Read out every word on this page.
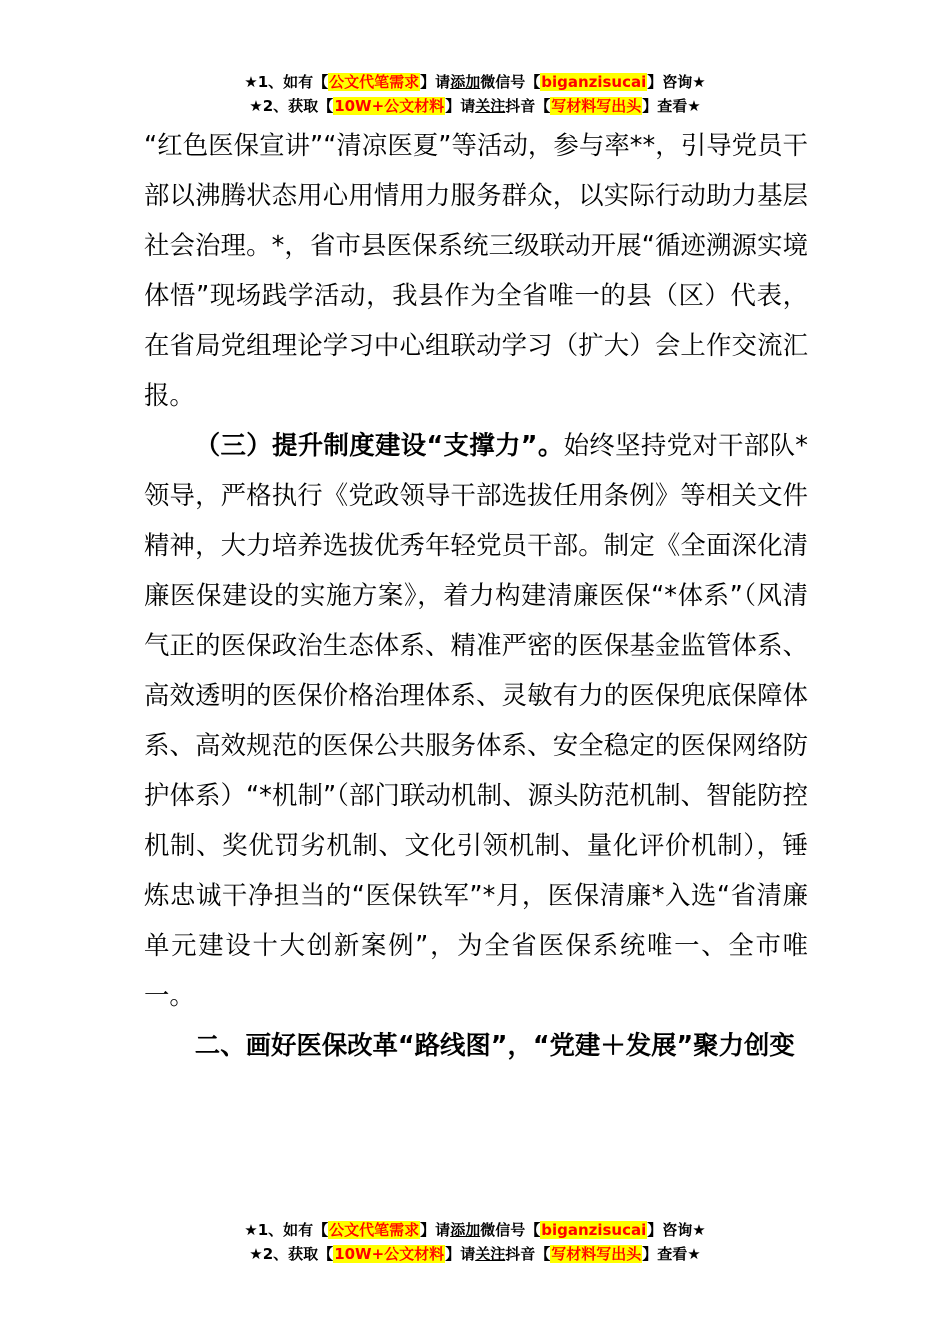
★1、如有【公文代笔需求】请添加微信号【biganzisucai】咨询★
★2、获取【10W+公文材料】请关注抖音【写材料写出头】查看★

“红色医保宣讲”“清凉医夏”等活动，参与率**，引导党员干部以沸腾状态用心用情用力服务群众，以实际行动助力基层社会治理。*，省市县医保系统三级联动开展“循迹溯源实境体悟”现场践学活动，我县作为全省唯一的县（区）代表，在省局党组理论学习中心组联动学习（扩大）会上作交流汇报。

（三）提升制度建设“支撑力”。始终坚持党对干部队*领导，严格执行《党政领导干部选拔任用条例》等相关文件精神，大力培养选拔优秀年轻党员干部。制定《全面深化清廉医保建设的实施方案》，着力构建清廉医保“*体系”（风清气正的医保政治生态体系、精准严密的医保基金监管体系、高效透明的医保价格治理体系、灵敏有力的医保兜底保障体系、高效规范的医保公共服务体系、安全稳定的医保网络防护体系）“*机制”（部门联动机制、源头防范机制、智能防控机制、奖优罚劣机制、文化引领机制、量化评价机制），锤炼忠诚干净担当的“医保铁军”*月，医保清廉*入选“省清廉单元建设十大创新案例”，为全省医保系统唯一、全市唯一。

二、画好医保改革“路线图”，“党建＋发展”聚力创变

★1、如有【公文代笔需求】请添加微信号【biganzisucai】咨询★
★2、获取【10W+公文材料】请关注抖音【写材料写出头】查看★
